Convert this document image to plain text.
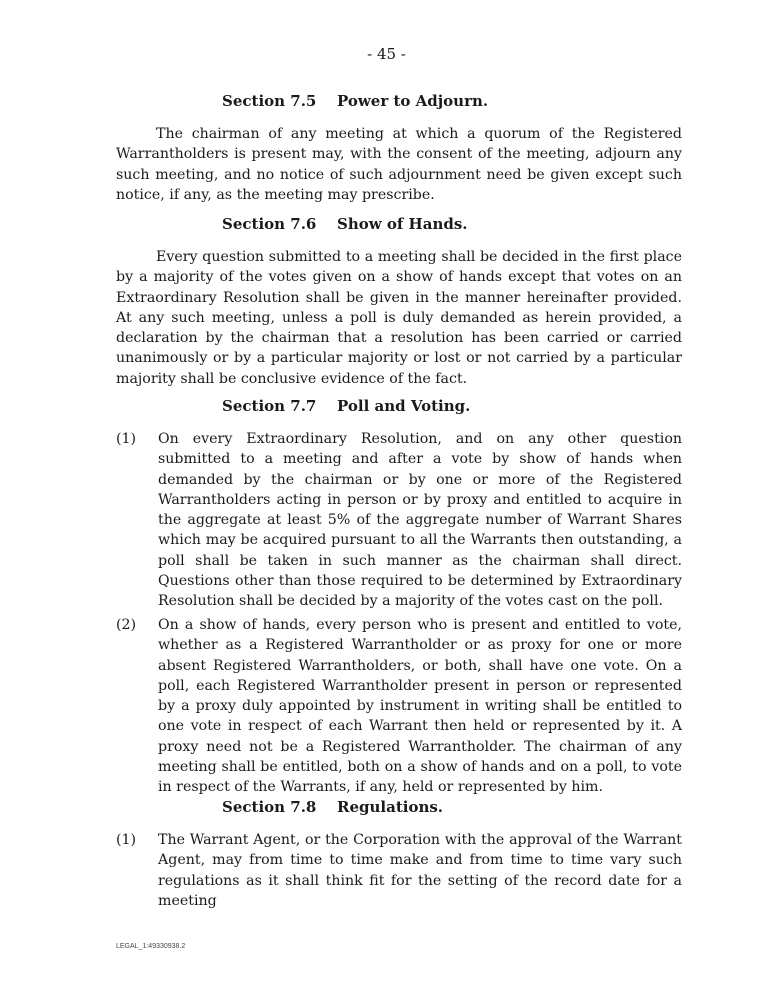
- 45 -
Section 7.5 Power to Adjourn.
The chairman of any meeting at which a quorum of the Registered Warrantholders is present may, with the consent of the meeting, adjourn any such meeting, and no notice of such adjournment need be given except such notice, if any, as the meeting may prescribe.
Section 7.6 Show of Hands.
Every question submitted to a meeting shall be decided in the first place by a majority of the votes given on a show of hands except that votes on an Extraordinary Resolution shall be given in the manner hereinafter provided. At any such meeting, unless a poll is duly demanded as herein provided, a declaration by the chairman that a resolution has been carried or carried unanimously or by a particular majority or lost or not carried by a particular majority shall be conclusive evidence of the fact.
Section 7.7 Poll and Voting.
(1) On every Extraordinary Resolution, and on any other question submitted to a meeting and after a vote by show of hands when demanded by the chairman or by one or more of the Registered Warrantholders acting in person or by proxy and entitled to acquire in the aggregate at least 5% of the aggregate number of Warrant Shares which may be acquired pursuant to all the Warrants then outstanding, a poll shall be taken in such manner as the chairman shall direct. Questions other than those required to be determined by Extraordinary Resolution shall be decided by a majority of the votes cast on the poll.
(2) On a show of hands, every person who is present and entitled to vote, whether as a Registered Warrantholder or as proxy for one or more absent Registered Warrantholders, or both, shall have one vote. On a poll, each Registered Warrantholder present in person or represented by a proxy duly appointed by instrument in writing shall be entitled to one vote in respect of each Warrant then held or represented by it. A proxy need not be a Registered Warrantholder. The chairman of any meeting shall be entitled, both on a show of hands and on a poll, to vote in respect of the Warrants, if any, held or represented by him.
Section 7.8 Regulations.
(1) The Warrant Agent, or the Corporation with the approval of the Warrant Agent, may from time to time make and from time to time vary such regulations as it shall think fit for the setting of the record date for a meeting
LEGAL_1:49330938.2
